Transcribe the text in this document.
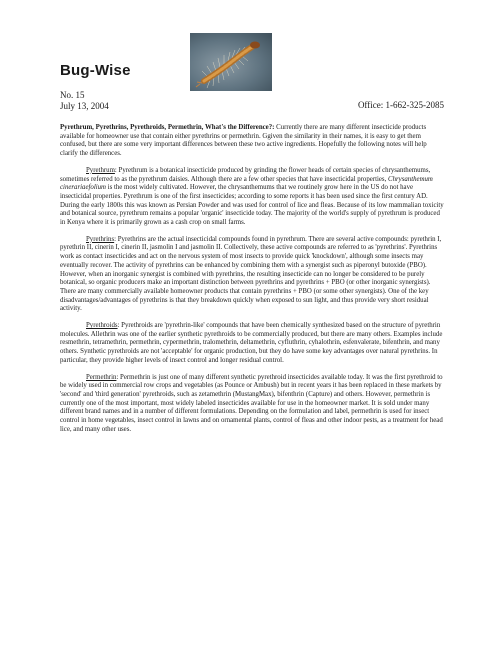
Bug-Wise
No. 15
July 13, 2004	Office: 1-662-325-2085

Pyrethrum, Pyrethrins, Pyrethroids, Permethrin, What's the Difference?: Currently there are many different insecticide products available for homeowner use that contain either pyrethrins or permethrin. Ggiven the similarity in their names, it is easy to get them confused, but there are some very important differences between these two active ingredients. Hopefully the following notes will help clarify the differences.

Pyrethrum: Pyrethrum is a botanical insecticide produced by grinding the flower heads of certain species of chrysanthemums, sometimes referred to as the pyrethrum daisies. Although there are a few other species that have insecticidal properties, Chrysanthemum cinerariaefolium is the most widely cultivated. However, the chrysanthemums that we routinely grow here in the US do not have insecticidal properties. Pyrethrum is one of the first insecticides; according to some reports it has been used since the first century AD. During the early 1800s this was known as Persian Powder and was used for control of lice and fleas. Because of its low mammalian toxicity and botanical source, pyrethrum remains a popular 'organic' insecticide today. The majority of the world's supply of pyrethrum is produced in Kenya where it is primarily grown as a cash crop on small farms.

Pyrethrins: Pyrethrins are the actual insecticidal compounds found in pyrethrum. There are several active compounds: pyrethrin I, pyrethrin II, cinerin I, cinerin II, jasmolin I and jasmolin II. Collectively, these active compounds are referred to as 'pyrethrins'. Pyrethrins work as contact insecticides and act on the nervous system of most insects to provide quick 'knockdown', although some insects may eventually recover. The activity of pyrethrins can be enhanced by combining them with a synergist such as piperonyl butoxide (PBO). However, when an inorganic synergist is combined with pyrethrins, the resulting insecticide can no longer be considered to be purely botanical, so organic producers make an important distinction between pyrethrins and pyrethrins + PBO (or other inorganic synergists). There are many commercially available homeowner products that contain pyrethrins + PBO (or some other synergists). One of the key disadvantages/advantages of pyrethrins is that they breakdown quickly when exposed to sun light, and thus provide very short residual activity.

Pyrethroids: Pyrethroids are 'pyrethrin-like' compounds that have been chemically synthesized based on the structure of pyrethrin molecules. Allethrin was one of the earlier synthetic pyrethroids to be commercially produced, but there are many others. Examples include resmethrin, tetramethrin, permethrin, cypermethrin, tralomethrin, deltamethrin, cyfluthrin, cyhalothrin, esfenvalerate, bifenthrin, and many others. Synthetic pyrethroids are not 'acceptable' for organic production, but they do have some key advantages over natural pyrethrins. In particular, they provide higher levels of insect control and longer residual control.

Permethrin: Permethrin is just one of many different synthetic pyrethroid insecticides available today. It was the first pyrethroid to be widely used in commercial row crops and vegetables (as Pounce or Ambush) but in recent years it has been replaced in these markets by 'second' and 'third generation' pyrethroids, such as zetamethrin (MustangMax), bifenthrin (Capture) and others. However, permethrin is currently one of the most important, most widely labeled insecticides available for use in the homeowner market. It is sold under many different brand names and in a number of different formulations. Depending on the formulation and label, permethrin is used for insect control in home vegetables, insect control in lawns and on ornamental plants, control of fleas and other indoor pests, as a treatment for head lice, and many other uses.
